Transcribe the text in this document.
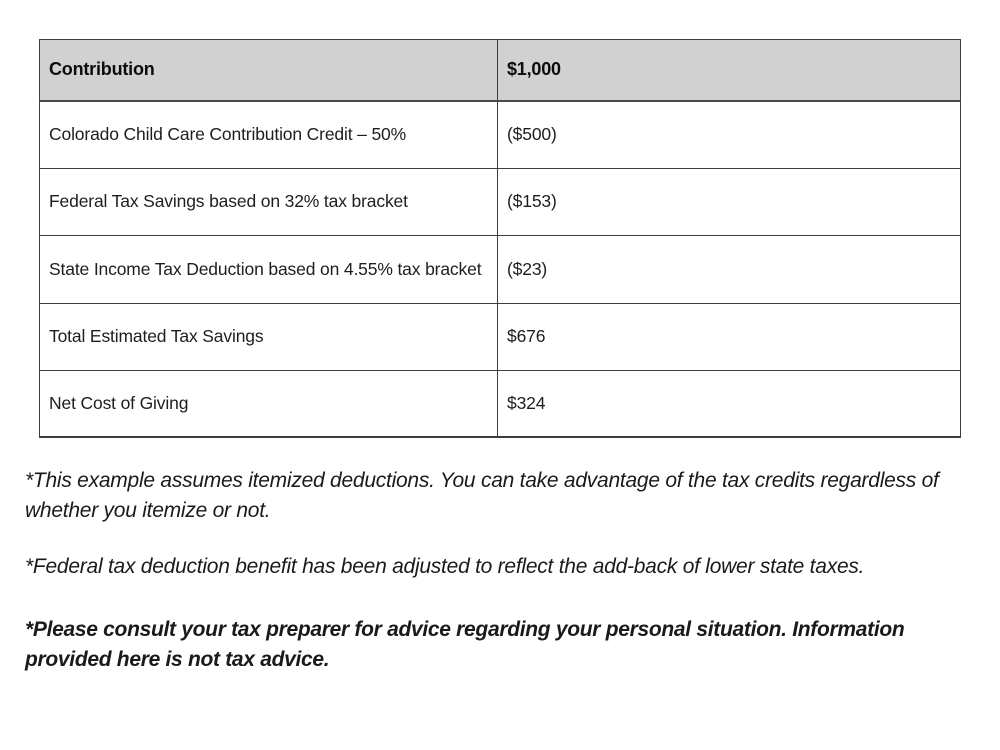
Contribution	$1,000

Colorado Child Care Contribution Credit – 50%	($500)

Federal Tax Savings based on 32% tax bracket	($153)

State Income Tax Deduction based on 4.55% tax bracket	($23)

Total Estimated Tax Savings	$676

Net Cost of Giving	$324

*This example assumes itemized deductions. You can take advantage of the tax credits regardless of whether you itemize or not.

*Federal tax deduction benefit has been adjusted to reflect the add-back of lower state taxes.

*Please consult your tax preparer for advice regarding your personal situation. Information provided here is not tax advice.
